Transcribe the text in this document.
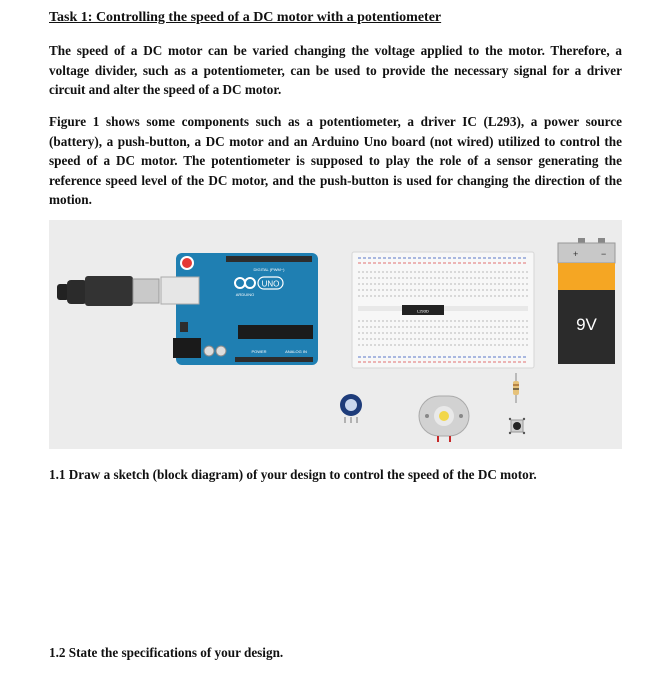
Task 1: Controlling the speed of a DC motor with a potentiometer

The speed of a DC motor can be varied changing the voltage applied to the motor. Therefore, a voltage divider, such as a potentiometer, can be used to provide the necessary signal for a driver circuit and alter the speed of a DC motor.

Figure 1 shows some components such as a potentiometer, a driver IC (L293), a power source (battery), a push-button, a DC motor and an Arduino Uno board (not wired) utilized to control the speed of a DC motor. The potentiometer is supposed to play the role of a sensor generating the reference speed level of the DC motor, and the push-button is used for changing the direction of the motion.

DIGITAL (PWM~)
UNO
ARDUINO
POWER	ANALOG IN
L293D
+	−
9V

1.1 Draw a sketch (block diagram) of your design to control the speed of the DC motor.

1.2 State the specifications of your design.
